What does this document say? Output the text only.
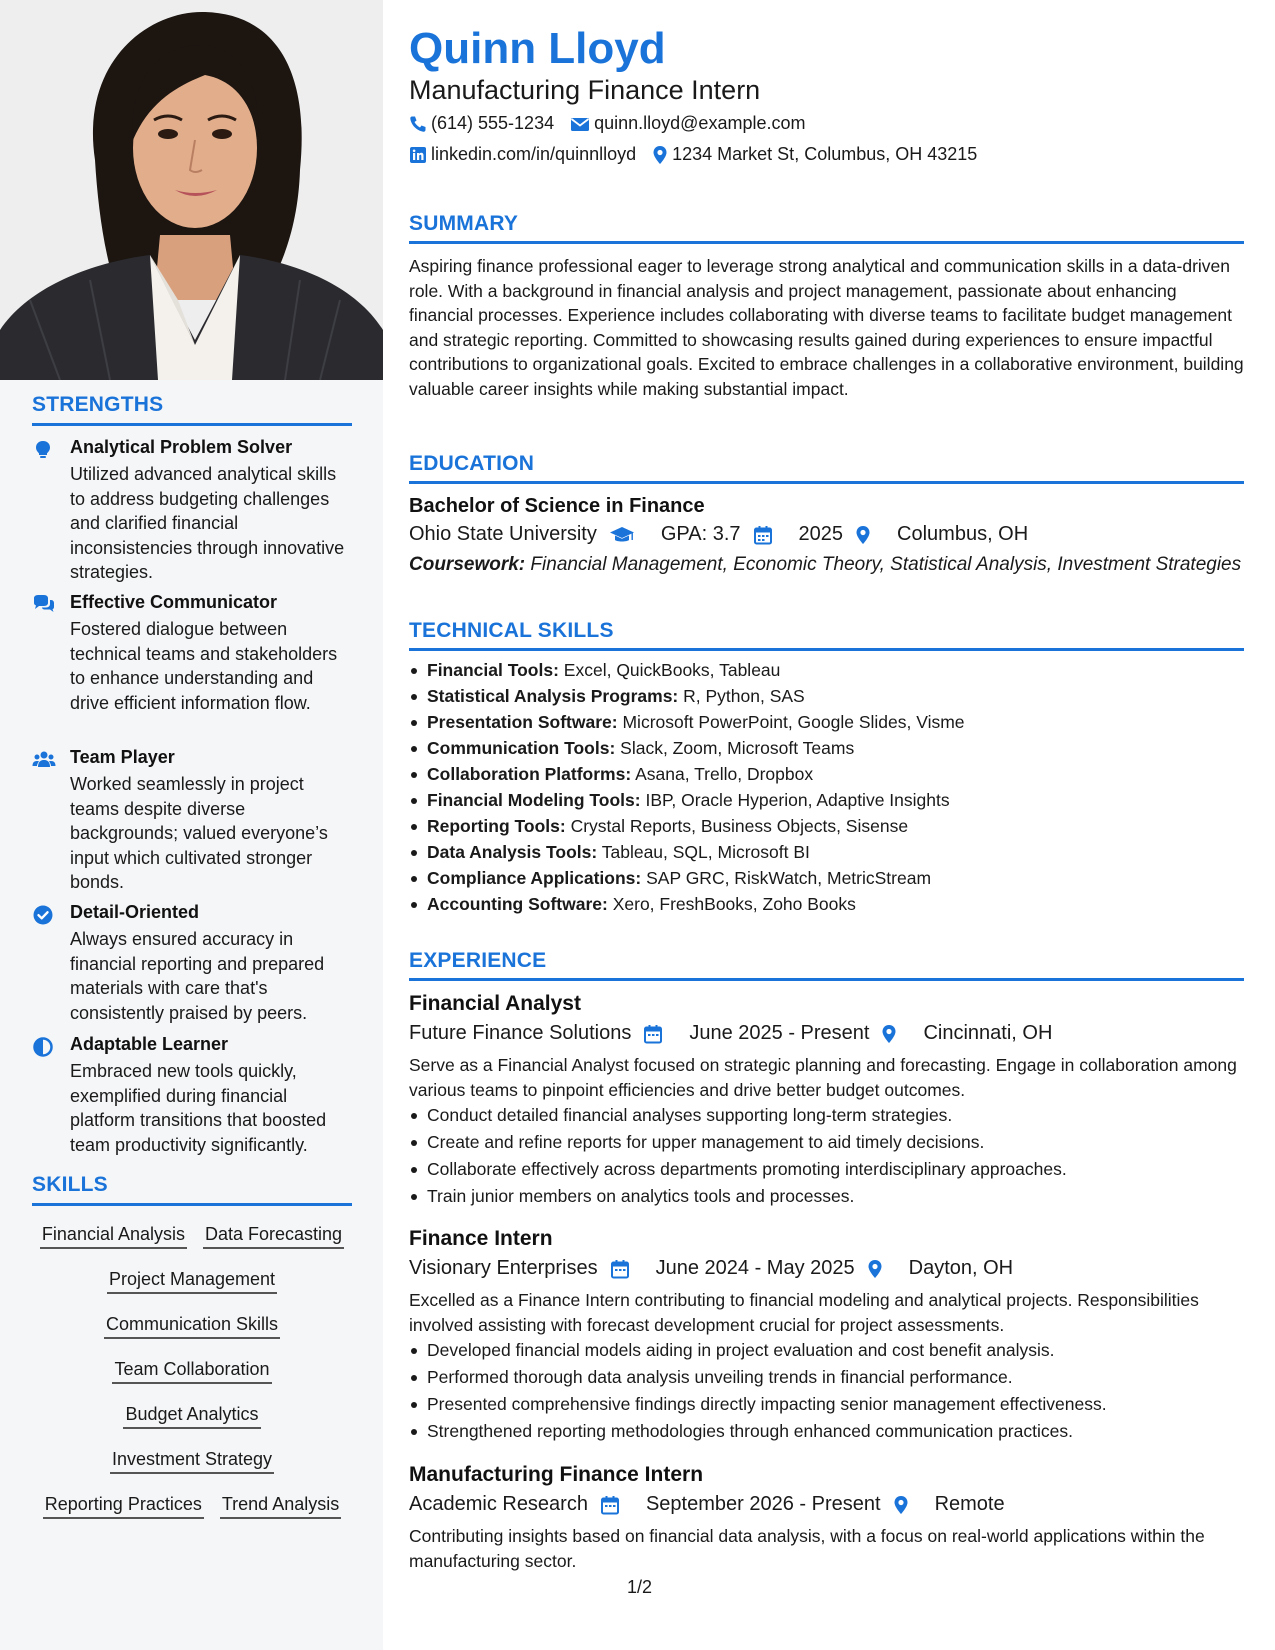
STRENGTHS
Analytical Problem Solver
Utilized advanced analytical skills to address budgeting challenges and clarified financial inconsistencies through innovative strategies.
Effective Communicator
Fostered dialogue between technical teams and stakeholders to enhance understanding and drive efficient information flow.
Team Player
Worked seamlessly in project teams despite diverse backgrounds; valued everyone’s input which cultivated stronger bonds.
Detail-Oriented
Always ensured accuracy in financial reporting and prepared materials with care that's consistently praised by peers.
Adaptable Learner
Embraced new tools quickly, exemplified during financial platform transitions that boosted team productivity significantly.
SKILLS
Financial Analysis Data Forecasting
Project Management
Communication Skills
Team Collaboration
Budget Analytics
Investment Strategy
Reporting Practices Trend Analysis
Quinn Lloyd
Manufacturing Finance Intern
(614) 555-1234 quinn.lloyd@example.com
linkedin.com/in/quinnlloyd 1234 Market St, Columbus, OH 43215
SUMMARY
Aspiring finance professional eager to leverage strong analytical and communication skills in a data-driven role. With a background in financial analysis and project management, passionate about enhancing financial processes. Experience includes collaborating with diverse teams to facilitate budget management and strategic reporting. Committed to showcasing results gained during experiences to ensure impactful contributions to organizational goals. Excited to embrace challenges in a collaborative environment, building valuable career insights while making substantial impact.
EDUCATION
Bachelor of Science in Finance
Ohio State University	GPA: 3.7	2025	Columbus, OH
Coursework: Financial Management, Economic Theory, Statistical Analysis, Investment Strategies
TECHNICAL SKILLS
Financial Tools: Excel, QuickBooks, Tableau
Statistical Analysis Programs: R, Python, SAS
Presentation Software: Microsoft PowerPoint, Google Slides, Visme
Communication Tools: Slack, Zoom, Microsoft Teams
Collaboration Platforms: Asana, Trello, Dropbox
Financial Modeling Tools: IBP, Oracle Hyperion, Adaptive Insights
Reporting Tools: Crystal Reports, Business Objects, Sisense
Data Analysis Tools: Tableau, SQL, Microsoft BI
Compliance Applications: SAP GRC, RiskWatch, MetricStream
Accounting Software: Xero, FreshBooks, Zoho Books
EXPERIENCE
Financial Analyst
Future Finance Solutions	June 2025 - Present	Cincinnati, OH
Serve as a Financial Analyst focused on strategic planning and forecasting. Engage in collaboration among various teams to pinpoint efficiencies and drive better budget outcomes.
Conduct detailed financial analyses supporting long-term strategies.
Create and refine reports for upper management to aid timely decisions.
Collaborate effectively across departments promoting interdisciplinary approaches.
Train junior members on analytics tools and processes.
Finance Intern
Visionary Enterprises	June 2024 - May 2025	Dayton, OH
Excelled as a Finance Intern contributing to financial modeling and analytical projects. Responsibilities involved assisting with forecast development crucial for project assessments.
Developed financial models aiding in project evaluation and cost benefit analysis.
Performed thorough data analysis unveiling trends in financial performance.
Presented comprehensive findings directly impacting senior management effectiveness.
Strengthened reporting methodologies through enhanced communication practices.
Manufacturing Finance Intern
Academic Research	September 2026 - Present	Remote
Contributing insights based on financial data analysis, with a focus on real-world applications within the manufacturing sector.
1/2
